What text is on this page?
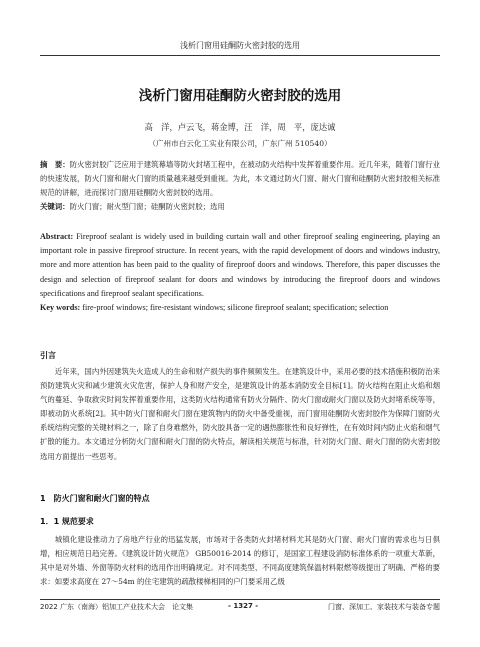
浅析门窗用硅酮防火密封胶的选用
浅析门窗用硅酮防火密封胶的选用
高　洋，卢云飞，蒋金博，汪　洋，周　平，庞达诚
（广州市白云化工实业有限公司，广东广州 510540）
摘　要：防火密封胶广泛应用于建筑幕墙等防火封堵工程中，在被动防火结构中发挥着重要作用。近几年来，随着门窗行业的快速发展，防火门窗和耐火门窗的质量越来越受到重视。为此，本文通过防火门窗、耐火门窗和硅酮防火密封胶相关标准规范的讲解，进而探讨门窗用硅酮防火密封胶的选用。
关键词：防火门窗；耐火型门窗；硅酮防火密封胶；选用
Abstract: Fireproof sealant is widely used in building curtain wall and other fireproof sealing engineering, playing an important role in passive fireproof structure. In recent years, with the rapid development of doors and windows industry, more and more attention has been paid to the quality of fireproof doors and windows. Therefore, this paper discusses the design and selection of fireproof sealant for doors and windows by introducing the fireproof doors and windows specifications and fireproof sealant specifications.
Key words: fire-proof windows; fire-resistant windows; silicone fireproof sealant; specification; selection
引言
近年来，国内外因建筑失火造成人的生命和财产损失的事件频频发生。在建筑设计中，采用必要的技术措施积极防治来预防建筑火灾和减少建筑火灾危害，保护人身和财产安全，是建筑设计的基本消防安全目标[1]。防火结构在阻止火焰和烟气的蔓延、争取救灾时间发挥着重要作用，这类防火结构通常有防火分隔件、防火门窗或耐火门窗以及防火封堵系统等等，即被动防火系统[2]。其中防火门窗和耐火门窗在建筑物内的防火中备受重视，而门窗用硅酮防火密封胶作为保障门窗防火系统结构完整的关键材料之一，除了自身难燃外，防火胶具备一定的遇热膨胀性和良好弹性，在有效时间内防止火焰和烟气扩散的能力。本文通过分析防火门窗和耐火门窗的防火特点，解读相关规范与标准，针对防火门窗、耐火门窗的防火密封胶选用方面提出一些思考。
1　防火门窗和耐火门窗的特点
1．1 规范要求
城镇化建设推动力了房地产行业的迅猛发展，市场对于各类防火封堵材料尤其是防火门窗、耐火门窗的需求也与日俱增，相应规范日趋完善。《建筑设计防火规范》 GB50016-2014 的修订，是国家工程建设消防标准体系的一项重大革新，其中是对外墙、外窗等防火材料的选用作出明确规定。对不同类型、不同高度建筑保温材料限燃等级提出了明确、严格的要求：如要求高度在 27～54m 的住宅建筑的疏散楼梯相同的户门要采用乙级
2022 广东（南海）铝加工产业技术大会　论文集	- 1327 -	门窗、深加工、家装技术与装备专题
